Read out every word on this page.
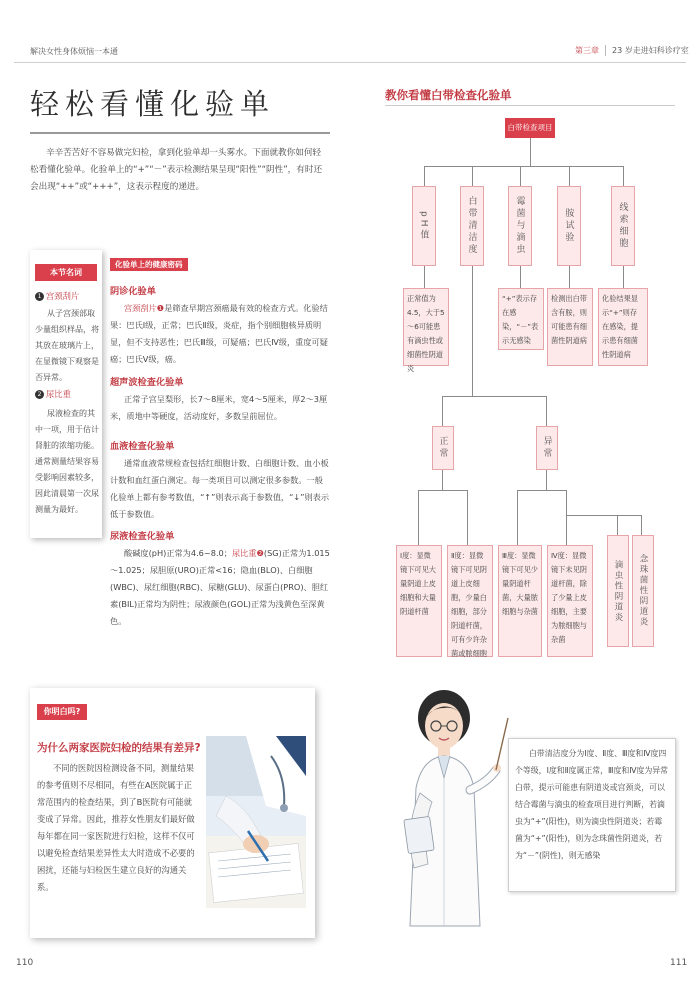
解决女性身体烦恼一本通	第三章	23 岁走进妇科诊疗室
轻松看懂化验单
辛辛苦苦好不容易做完妇检，拿到化验单却一头雾水。下面就教你如何轻松看懂化验单。化验单上的“+”“－”表示检测结果呈现“阳性”“阴性”，有时还会出现“++”或“+++”，这表示程度的递进。
本节名词
1 宫颈刮片
从子宫颈部取少量组织样品，将其放在玻璃片上，在显微镜下观察是否异常。
2 尿比重
尿液检查的其中一项，用于估计肾脏的浓缩功能。通常测量结果容易受影响因素较多，因此清晨第一次尿测量为最好。
化验单上的健康密码
阴诊化验单
宫颈刮片❶是筛查早期宫颈癌最有效的检查方式。化验结果：巴氏Ⅰ级，正常；巴氏Ⅱ级，炎症，指个别细胞核异质明显，但不支持恶性；巴氏Ⅲ级，可疑癌；巴氏Ⅳ级，重度可疑癌；巴氏Ⅴ级，癌。
超声波检查化验单
正常子宫呈梨形，长7～8厘米，宽4～5厘米，厚2～3厘米，质地中等硬度，活动度好，多数呈前屈位。
血液检查化验单
通常血液常规检查包括红细胞计数、白细胞计数、血小板计数和血红蛋白测定。每一类项目可以测定很多参数。一般化验单上都有参考数值，“↑”则表示高于参数值，“↓”则表示低于参数值。
尿液检查化验单
酸碱度(pH)正常为4.6~8.0；尿比重❷(SG)正常为1.015～1.025；尿胆原(URO)正常<16；隐血(BLO)、白细胞(WBC)、尿红细胞(RBC)、尿糖(GLU)、尿蛋白(PRO)、胆红素(BIL)正常均为阴性；尿液颜色(GOL)正常为浅黄色至深黄色。
你明白吗?
为什么两家医院妇检的结果有差异?
不同的医院因检测设备不同，测量结果的参考值则不尽相同，有些在A医院属于正常范围内的检查结果，到了B医院有可能就变成了异常。因此，推荐女性朋友们最好做每年都在同一家医院进行妇检，这样不仅可以避免检查结果差异性太大时造成不必要的困扰，还能与妇检医生建立良好的沟通关系。
110
教你看懂白带检查化验单
白带检查项目
pH值	白带清洁度	霉菌与滴虫	胺试验	线索细胞
正常值为4.5，大于5～6可能患有滴虫性或细菌性阴道炎
“+”表示存在感染，“－”表示无感染
检测出白带含有胺，则可能患有细菌性阴道病
化验结果显示“+”则存在感染，提示患有细菌性阴道病
正常	异常
Ⅰ度：显微镜下可见大量阴道上皮细胞和大量阴道杆菌
Ⅱ度：显微镜下可见阴道上皮细胞，少量白细胞，部分阴道杆菌，可有少许杂菌或脓细胞
Ⅲ度：显微镜下可见少量阴道杆菌，大量脓细胞与杂菌
Ⅳ度：显微镜下未见阴道杆菌，除了少量上皮细胞，主要为脓细胞与杂菌
滴虫性阴道炎	念珠菌性阴道炎
白带清洁度分为Ⅰ度、Ⅱ度、Ⅲ度和Ⅳ度四个等级，Ⅰ度和Ⅱ度属正常，Ⅲ度和Ⅳ度为异常白带，提示可能患有阴道炎或宫颈炎，可以结合霉菌与滴虫的检查项目进行判断，若滴虫为“+”(阳性)，则为滴虫性阴道炎；若霉菌为“+”(阳性)，则为念珠菌性阴道炎，若为“－”(阴性)，则无感染
111
